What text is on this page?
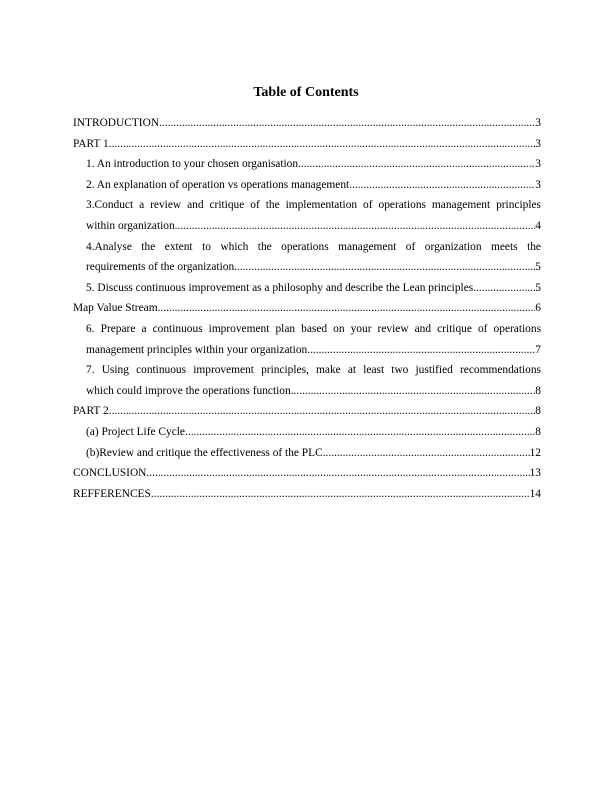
Table of Contents
INTRODUCTION .....	3
PART 1 .....	3
1. An introduction to your chosen organisation .....	3
2. An explanation of operation vs operations management .....	3
3.Conduct a review and critique of the implementation of operations management principles
within organization. .....	4
4.Analyse the extent to which the operations management of organization meets the
requirements of the organization. .....	5
5. Discuss continuous improvement as a philosophy and describe the Lean principles. .....	5
Map Value Stream. .....	6
6. Prepare a continuous improvement plan based on your review and critique of operations
management principles within your organization. .....	7
7. Using continuous improvement principles, make at least two justified recommendations
which could improve the operations function. .....	8
PART 2 .....	8
(a) Project Life Cycle .....	8
(b)Review and critique the effectiveness of the PLC .....	12
CONCLUSION .....	13
REFFERENCES .....	14
